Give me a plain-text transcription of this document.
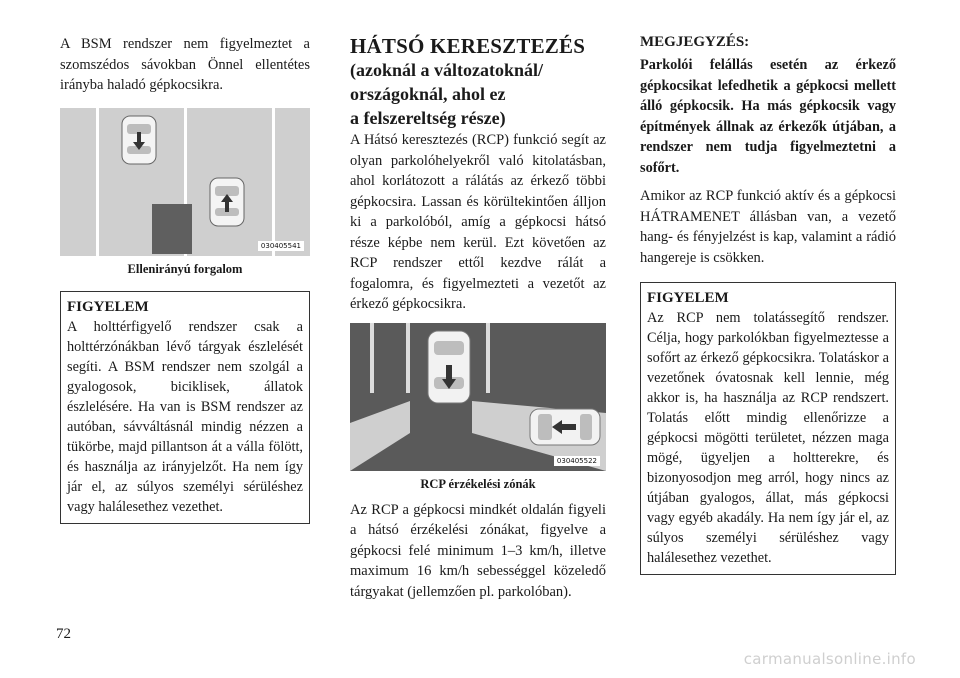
A BSM rendszer nem figyelmeztet a szomszédos sávokban Önnel ellentétes irányba haladó gépkocsikra.

030405541

Ellenirányú forgalom

FIGYELEM

A holttérfigyelő rendszer csak a holttérzónákban lévő tárgyak észlelését segíti. A BSM rendszer nem szolgál a gyalogosok, biciklisek, állatok észlelésére. Ha van is BSM rendszer az autóban, sávváltásnál mindig nézzen a tükörbe, majd pillantson át a válla fölött, és használja az irányjelzőt. Ha nem így jár el, az súlyos személyi sérüléshez vagy halálesethez vezethet.

HÁTSÓ KERESZTEZÉS
(azoknál a változatoknál/
országoknál, ahol ez
a felszereltség része)

A Hátsó keresztezés (RCP) funkció segít az olyan parkolóhelyekről való kitolatásban, ahol korlátozott a rálátás az érkező többi gépkocsira. Lassan és körültekintően álljon ki a parkolóból, amíg a gépkocsi hátsó része képbe nem kerül. Ezt követően az RCP rendszer ettől kezdve rálát a fogalomra, és figyelmezteti a vezetőt az érkező gépkocsikra.

030405522

RCP érzékelési zónák

Az RCP a gépkocsi mindkét oldalán figyeli a hátsó érzékelési zónákat, figyelve a gépkocsi felé minimum 1–3 km/h, illetve maximum 16 km/h sebességgel közeledő tárgyakat (jellemzően pl. parkolóban).

MEGJEGYZÉS:

Parkolói felállás esetén az érkező gépkocsikat lefedhetik a gépkocsi mellett álló gépkocsik. Ha más gépkocsik vagy építmények állnak az érkezők útjában, a rendszer nem tudja figyelmeztetni a sofőrt.

Amikor az RCP funkció aktív és a gépkocsi HÁTRAMENET állásban van, a vezető hang- és fényjelzést is kap, valamint a rádió hangereje is csökken.

FIGYELEM

Az RCP nem tolatássegítő rendszer. Célja, hogy parkolókban figyelmeztesse a sofőrt az érkező gépkocsikra. Tolatáskor a vezetőnek óvatosnak kell lennie, még akkor is, ha használja az RCP rendszert. Tolatás előtt mindig ellenőrizze a gépkocsi mögötti területet, nézzen maga mögé, ügyeljen a holtterekre, és bizonyosodjon meg arról, hogy nincs az útjában gyalogos, állat, más gépkocsi vagy egyéb akadály. Ha nem így jár el, az súlyos személyi sérüléshez vagy halálesethez vezethet.

72
carmanualsonline.info
